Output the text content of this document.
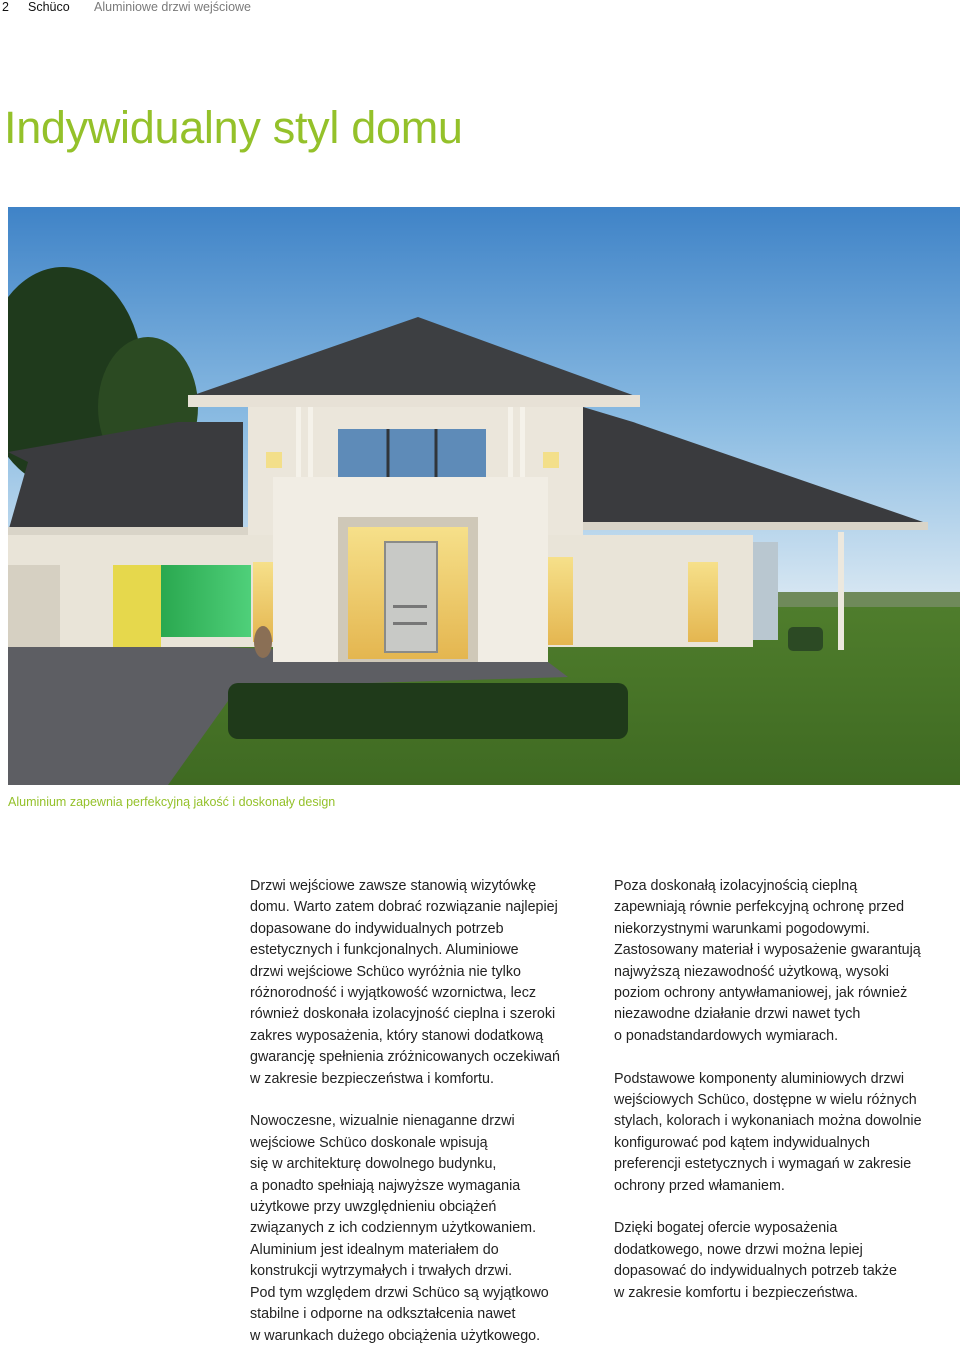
2 Schüco Aluminiowe drzwi wejściowe
Indywidualny styl domu
Aluminium zapewnia perfekcyjną jakość i doskonały design

Drzwi wejściowe zawsze stanowią wizytówkę
domu. Warto zatem dobrać rozwiązanie najlepiej
dopasowane do indywidualnych potrzeb
estetycznych i funkcjonalnych. Aluminiowe
drzwi wejściowe Schüco wyróżnia nie tylko
różnorodność i wyjątkowość wzornictwa, lecz
również doskonała izolacyjność cieplna i szeroki
zakres wyposażenia, który stanowi dodatkową
gwarancję spełnienia zróżnicowanych oczekiwań
w zakresie bezpieczeństwa i komfortu.

Nowoczesne, wizualnie nienaganne drzwi
wejściowe Schüco doskonale wpisują
się w architekturę dowolnego budynku,
a ponadto spełniają najwyższe wymagania
użytkowe przy uwzględnieniu obciążeń
związanych z ich codziennym użytkowaniem.
Aluminium jest idealnym materiałem do
konstrukcji wytrzymałych i trwałych drzwi.
Pod tym względem drzwi Schüco są wyjątkowo
stabilne i odporne na odkształcenia nawet
w warunkach dużego obciążenia użytkowego.

Poza doskonałą izolacyjnością cieplną
zapewniają równie perfekcyjną ochronę przed
niekorzystnymi warunkami pogodowymi.
Zastosowany materiał i wyposażenie gwarantują
najwyższą niezawodność użytkową, wysoki
poziom ochrony antywłamaniowej, jak również
niezawodne działanie drzwi nawet tych
o ponadstandardowych wymiarach.

Podstawowe komponenty aluminiowych drzwi
wejściowych Schüco, dostępne w wielu różnych
stylach, kolorach i wykonaniach można dowolnie
konfigurować pod kątem indywidualnych
preferencji estetycznych i wymagań w zakresie
ochrony przed włamaniem.

Dzięki bogatej ofercie wyposażenia
dodatkowego, nowe drzwi można lepiej
dopasować do indywidualnych potrzeb także
w zakresie komfortu i bezpieczeństwa.
